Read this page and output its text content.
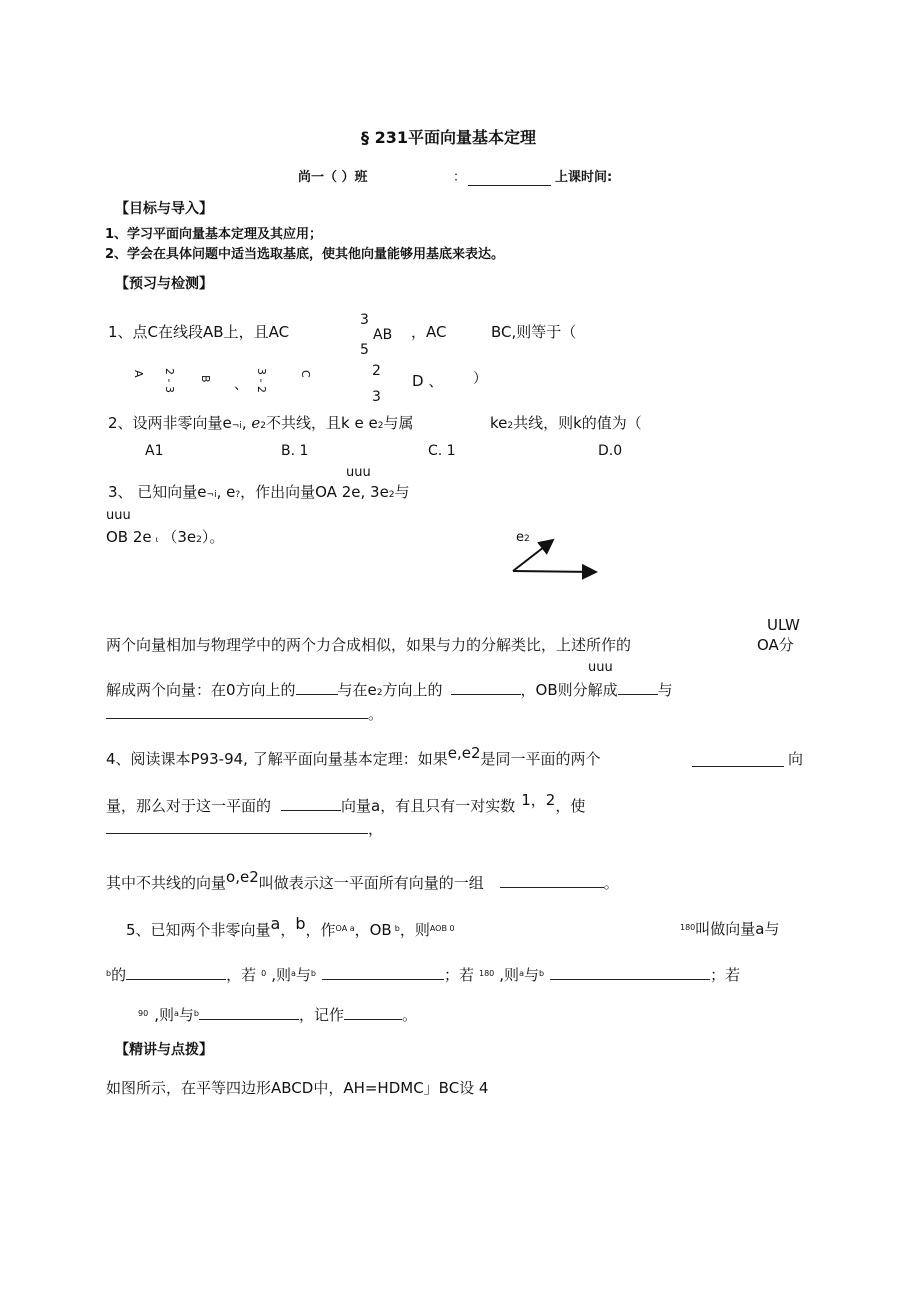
§ 231平面向量基本定理
尚一（ ）班	：	上课时间:
【目标与导入】
1、学习平面向量基本定理及其应用；
2、学会在具体问题中适当选取基底，使其他向量能够用基底来表达。
【预习与检测】
1、点C在线段AB上，且AC
3
AB
5
，AC	BC,则等于（
A 2 - 3 B 、 3 - 2	C	2
3
D 、 ）
2、设两非零向量e¬i, e2不共线，且k e e2与属	ke2共线，则k的值为（
A1	B. 1	C. 1	D.0
uuu
3、 已知向量e¬i, e?，作出向量OA 2e, 3e2与
uuu
OB 2e ι （3e2）。	e2
ULW
两个向量相加与物理学中的两个力合成相似，如果与力的分解类比，上述所作的	OA分
uuu
解成两个向量：在0方向上的	与在e2方向上的	，OB则分解成	与
。
4、阅读课本P93-94, 了解平面向量基本定理：如果e,e2是同一平面的两个	向
量，那么对于这一平面的	向量a，有且只有一对实数 1，2，使
，
其中不共线的向量o,e2叫做表示这一平面所有向量的一组	。
5、已知两个非零向量a，b，作$^{OA a}$，OB $^b$，则$^{AOB 0}$	$^{180}$叫做向量a与
$^b$的	，若 $^0$ ,则$^a$与$^b$	；若 $^{180}$ ,则$^a$与$^b$	；若
$^{90}$ ,则$^a$与$^b$	，记作	。
【精讲与点拨】
如图所示，在平等四边形ABCD中，AH=HDMC」BC设 4
